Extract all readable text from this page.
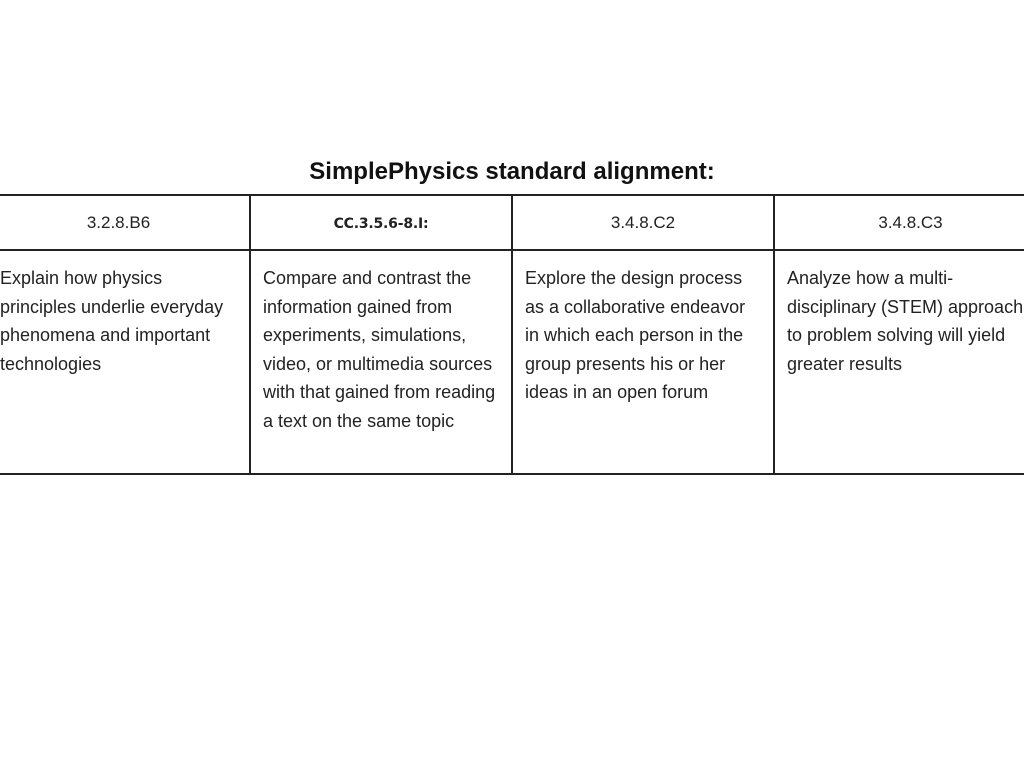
SimplePhysics standard alignment:
3.2.8.B6	CC.3.5.6-8.I:	3.4.8.C2	3.4.8.C3

Explain how physics principles underlie everyday phenomena and important technologies	Compare and contrast the information gained from experiments, simulations, video, or multimedia sources with that gained from reading a text on the same topic	Explore the design process as a collaborative endeavor in which each person in the group presents his or her ideas in an open forum	Analyze how a multi-disciplinary (STEM) approach to problem solving will yield greater results
